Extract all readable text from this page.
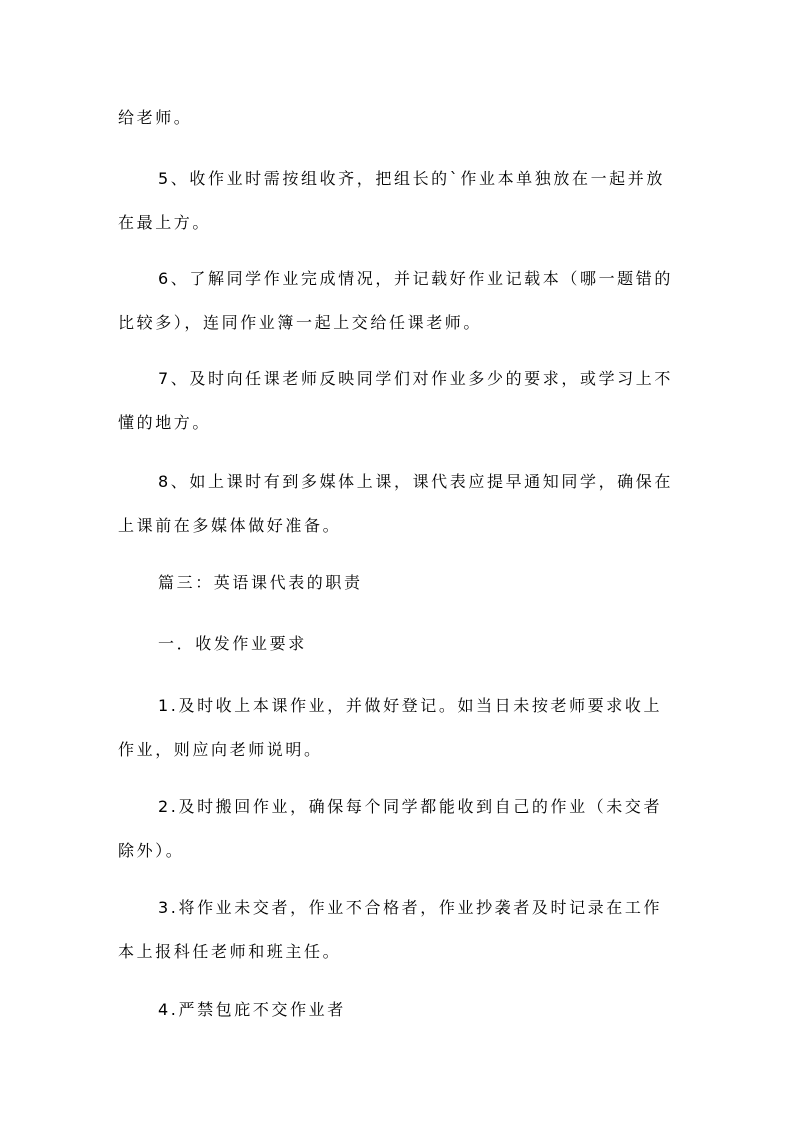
给老师。

5、收作业时需按组收齐，把组长的`作业本单独放在一起并放在最上方。

6、了解同学作业完成情况，并记载好作业记载本（哪一题错的比较多），连同作业簿一起上交给任课老师。

7、及时向任课老师反映同学们对作业多少的要求，或学习上不懂的地方。

8、如上课时有到多媒体上课，课代表应提早通知同学，确保在上课前在多媒体做好准备。

篇三：英语课代表的职责

一．收发作业要求

1.及时收上本课作业，并做好登记。如当日未按老师要求收上作业，则应向老师说明。

2.及时搬回作业，确保每个同学都能收到自己的作业（未交者除外）。

3.将作业未交者，作业不合格者，作业抄袭者及时记录在工作本上报科任老师和班主任。

4.严禁包庇不交作业者
